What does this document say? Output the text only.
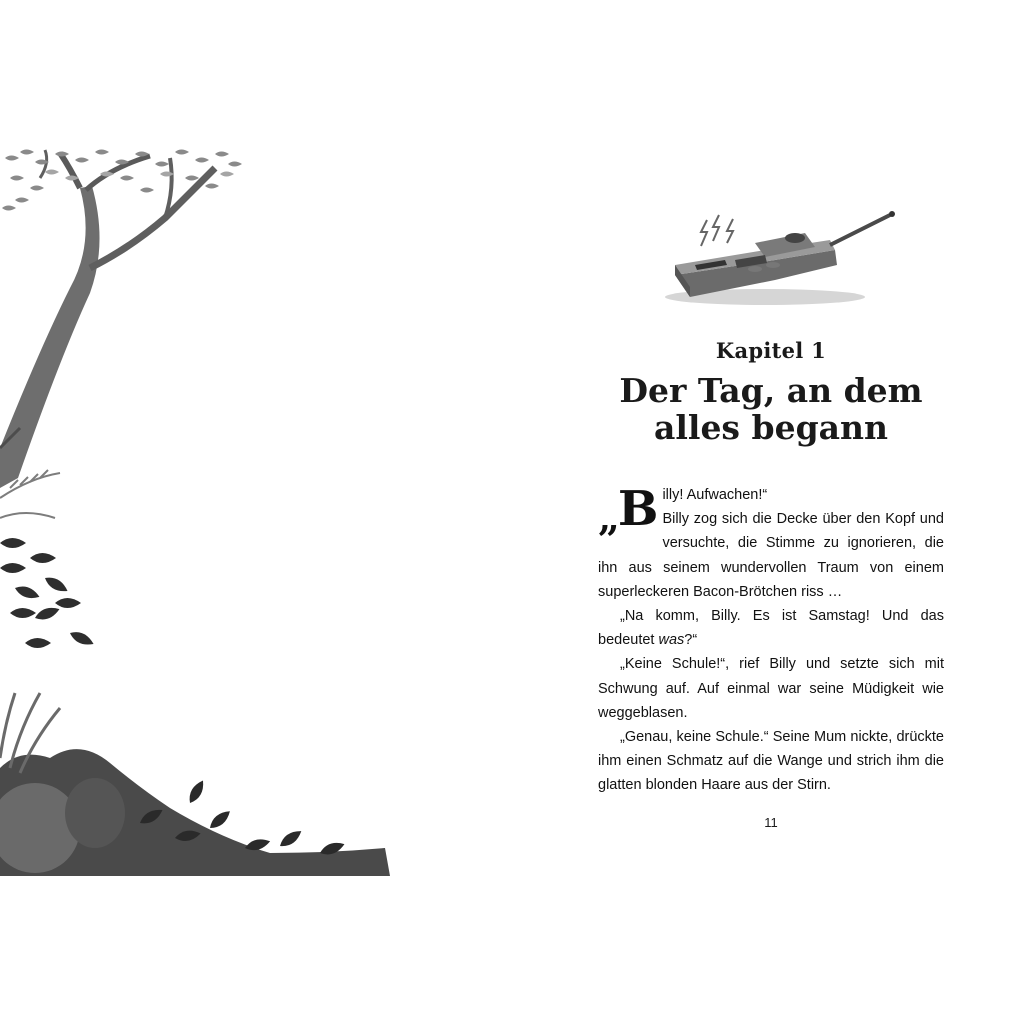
Kapitel 1
Der Tag, an dem
alles begann

„B illy! Aufwachen!“
Billy zog sich die Decke über den Kopf und versuchte, die Stimme zu ignorieren, die ihn aus seinem wundervollen Traum von einem superleckeren Bacon-Brötchen riss …

„Na komm, Billy. Es ist Samstag! Und das bedeutet was?“

„Keine Schule!“, rief Billy und setzte sich mit Schwung auf. Auf einmal war seine Müdigkeit wie weggeblasen.

„Genau, keine Schule.“ Seine Mum nickte, drückte ihm einen Schmatz auf die Wange und strich ihm die glatten blonden Haare aus der Stirn.

11
